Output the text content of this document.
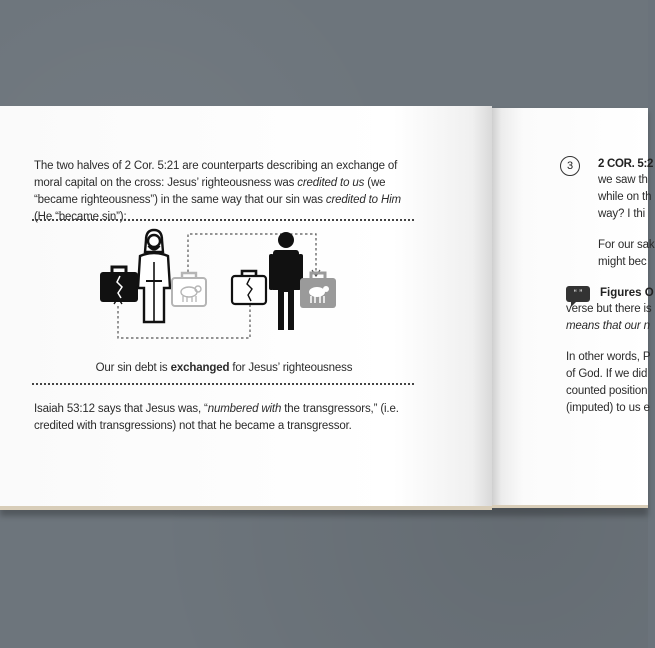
The two halves of 2 Cor. 5:21 are counterparts describing an exchange of moral capital on the cross: Jesus’ righteousness was credited to us (we “became righteousness”) in the same way that our sin was credited to Him (He “became sin”):
Our sin debt is exchanged for Jesus’ righteousness
Isaiah 53:12 says that Jesus was, “numbered with the transgressors,” (i.e. credited with transgressions) not that he became a transgressor.
3	2 COR. 5:2
we saw th
while on th
way? I thi
For our sak
might bec
“ ”	Figures O
verse but there is
means that our n
In other words, P
of God. If we did
counted position
(imputed) to us e
